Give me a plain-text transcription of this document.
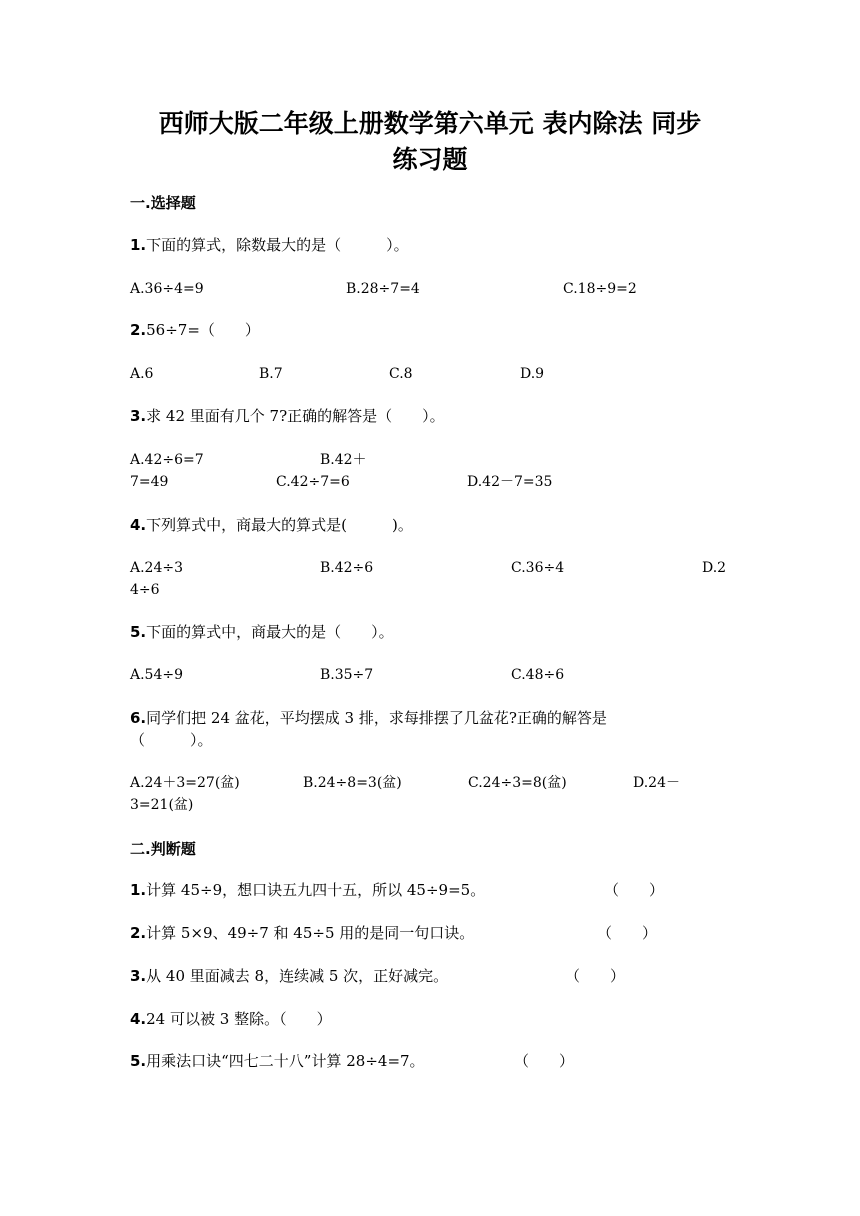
西师大版二年级上册数学第六单元 表内除法 同步
练习题
一.选择题
1.下面的算式，除数最大的是（　　　）。
A.36÷4=9	B.28÷7=4	C.18÷9=2
2.56÷7=（　　）
A.6	B.7	C.8	D.9
3.求 42 里面有几个 7?正确的解答是（　　）。
A.42÷6=7	B.42＋
7=49	C.42÷7=6	D.42－7=35
4.下列算式中，商最大的算式是(　　　)。
A.24÷3	B.42÷6	C.36÷4	D.2
4÷6
5.下面的算式中，商最大的是（　　）。
A.54÷9	B.35÷7	C.48÷6
6.同学们把 24 盆花，平均摆成 3 排，求每排摆了几盆花?正确的解答是
（　　　）。
A.24＋3=27(盆)	B.24÷8=3(盆)	C.24÷3=8(盆)	D.24－
3=21(盆)
二.判断题
1.计算 45÷9，想口诀五九四十五，所以 45÷9=5。	（　　）
2.计算 5×9、49÷7 和 45÷5 用的是同一句口诀。	（　　）
3.从 40 里面减去 8，连续减 5 次，正好减完。	（　　）
4.24 可以被 3 整除。（　　）
5.用乘法口诀“四七二十八”计算 28÷4=7。	（　　）
